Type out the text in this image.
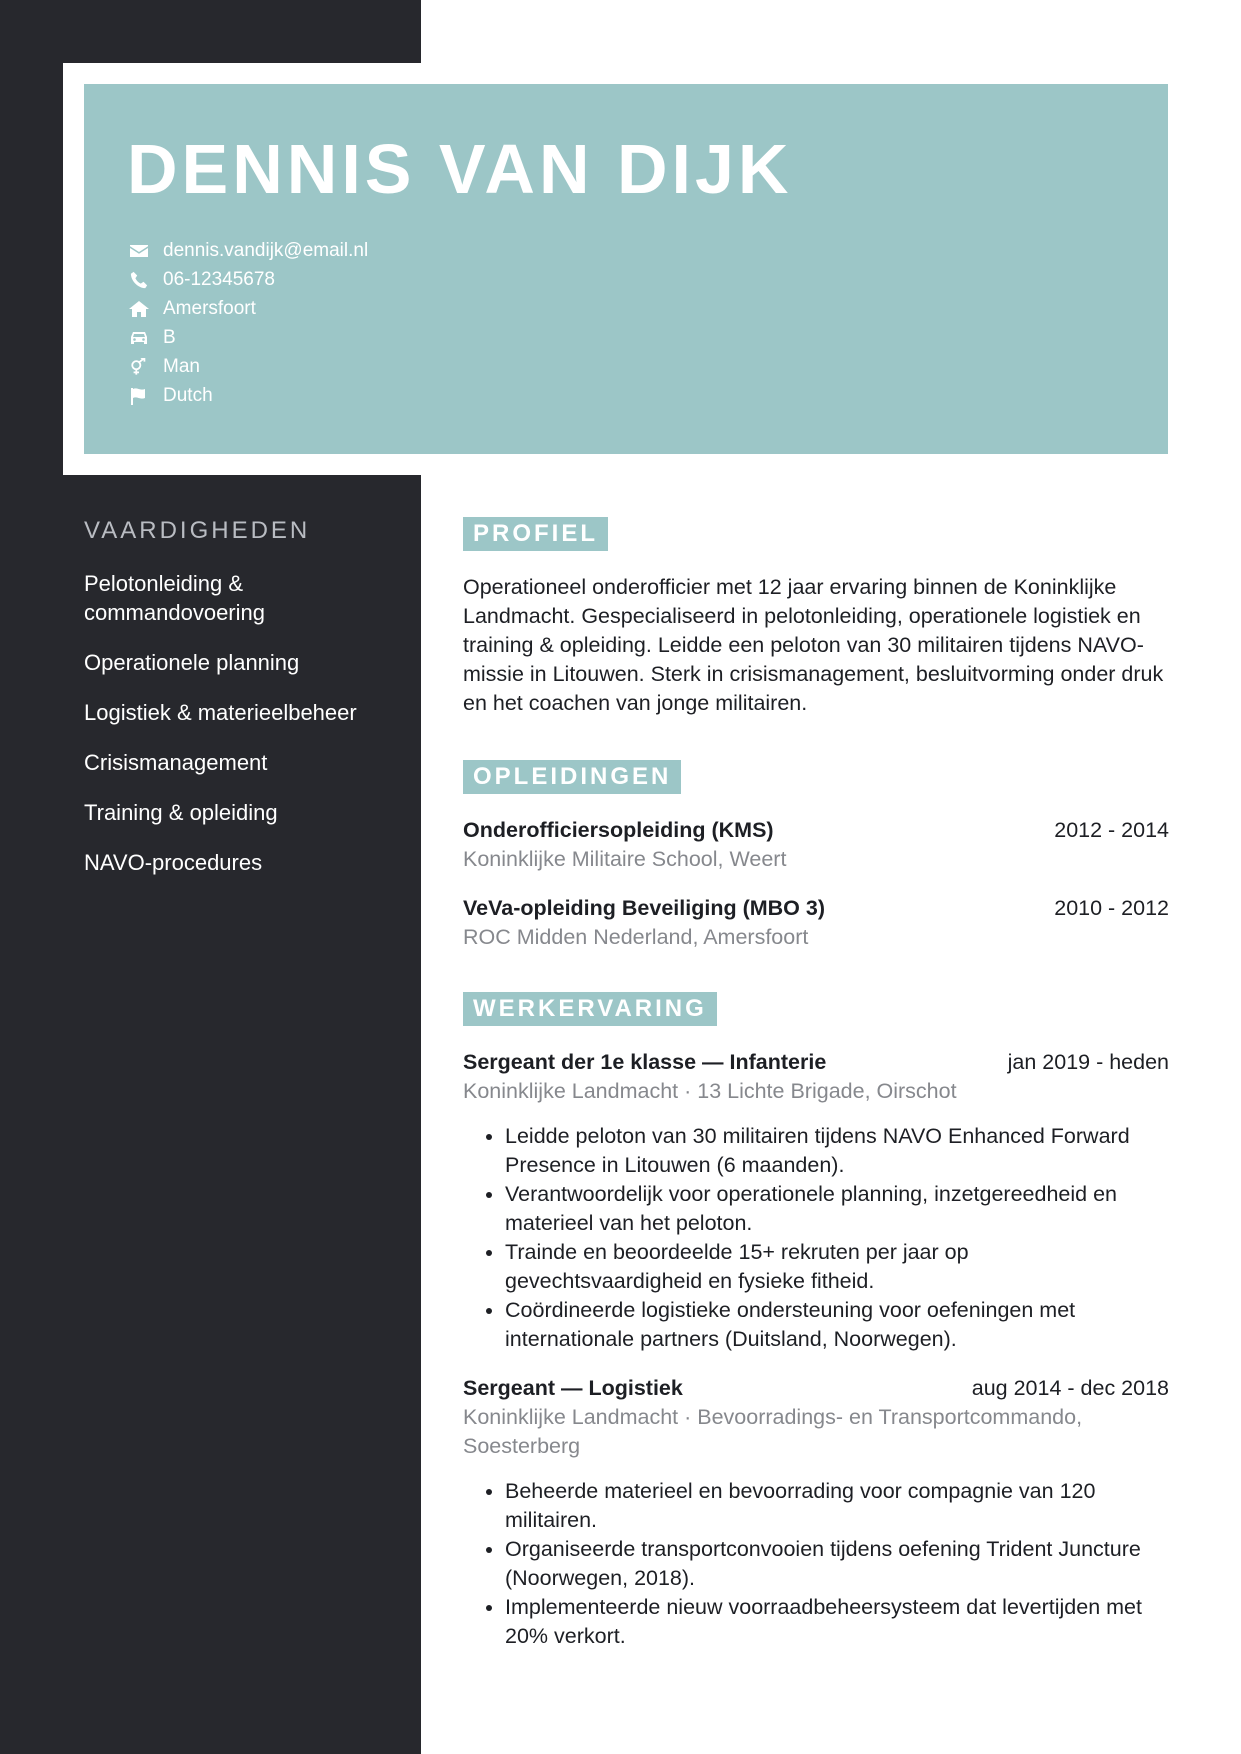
DENNIS VAN DIJK
dennis.vandijk@email.nl
06-12345678
Amersfoort
B
Man
Dutch
VAARDIGHEDEN
Pelotonleiding & commandovoering
Operationele planning
Logistiek & materieelbeheer
Crisismanagement
Training & opleiding
NAVO-procedures
PROFIEL

Operationeel onderofficier met 12 jaar ervaring binnen de Koninklijke Landmacht. Gespecialiseerd in pelotonleiding, operationele logistiek en training & opleiding. Leidde een peloton van 30 militairen tijdens NAVO-missie in Litouwen. Sterk in crisismanagement, besluitvorming onder druk en het coachen van jonge militairen.

OPLEIDINGEN
Onderofficiersopleiding (KMS)	2012 - 2014
Koninklijke Militaire School, Weert
VeVa-opleiding Beveiliging (MBO 3)	2010 - 2012
ROC Midden Nederland, Amersfoort
WERKERVARING
Sergeant der 1e klasse — Infanterie	jan 2019 - heden
Koninklijke Landmacht · 13 Lichte Brigade, Oirschot
• Leidde peloton van 30 militairen tijdens NAVO Enhanced Forward Presence in Litouwen (6 maanden).
• Verantwoordelijk voor operationele planning, inzetgereedheid en materieel van het peloton.
• Trainde en beoordeelde 15+ rekruten per jaar op gevechtsvaardigheid en fysieke fitheid.
• Coördineerde logistieke ondersteuning voor oefeningen met internationale partners (Duitsland, Noorwegen).
Sergeant — Logistiek	aug 2014 - dec 2018
Koninklijke Landmacht · Bevoorradings- en Transportcommando, Soesterberg
• Beheerde materieel en bevoorrading voor compagnie van 120 militairen.
• Organiseerde transportconvooien tijdens oefening Trident Juncture (Noorwegen, 2018).
• Implementeerde nieuw voorraadbeheersysteem dat levertijden met 20% verkort.
